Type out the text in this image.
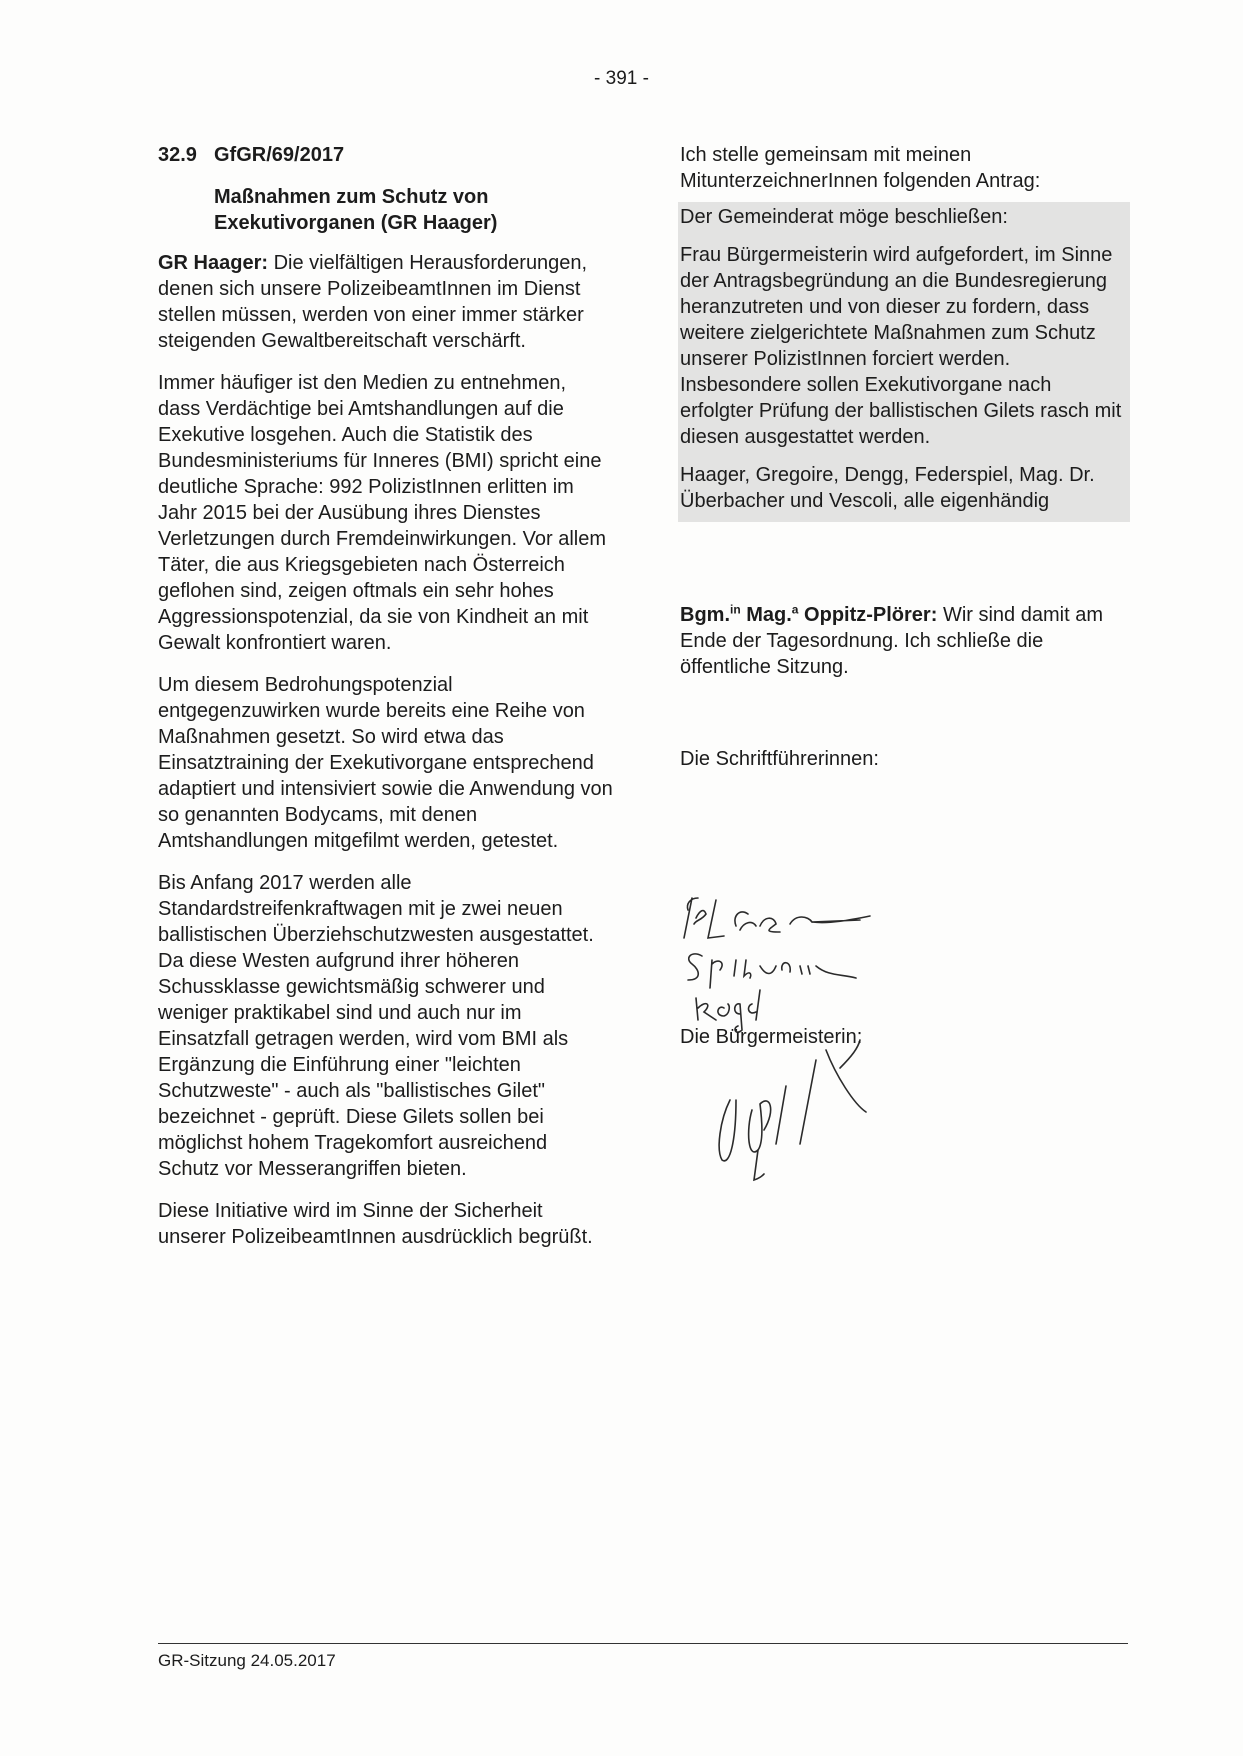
- 391 -
32.9 GfGR/69/2017
Maßnahmen zum Schutz von Exekutivorganen (GR Haager)

GR Haager: Die vielfältigen Herausforderungen, denen sich unsere PolizeibeamtInnen im Dienst stellen müssen, werden von einer immer stärker steigenden Gewaltbereitschaft verschärft.

Immer häufiger ist den Medien zu entnehmen, dass Verdächtige bei Amtshandlungen auf die Exekutive losgehen. Auch die Statistik des Bundesministeriums für Inneres (BMI) spricht eine deutliche Sprache: 992 PolizistInnen erlitten im Jahr 2015 bei der Ausübung ihres Dienstes Verletzungen durch Fremdeinwirkungen. Vor allem Täter, die aus Kriegsgebieten nach Österreich geflohen sind, zeigen oftmals ein sehr hohes Aggressionspotenzial, da sie von Kindheit an mit Gewalt konfrontiert waren.

Um diesem Bedrohungspotenzial entgegenzuwirken wurde bereits eine Reihe von Maßnahmen gesetzt. So wird etwa das Einsatztraining der Exekutivorgane entsprechend adaptiert und intensiviert sowie die Anwendung von so genannten Bodycams, mit denen Amtshandlungen mitgefilmt werden, getestet.

Bis Anfang 2017 werden alle Standardstreifenkraftwagen mit je zwei neuen ballistischen Überziehschutzwesten ausgestattet. Da diese Westen aufgrund ihrer höheren Schussklasse gewichtsmäßig schwerer und weniger praktikabel sind und auch nur im Einsatzfall getragen werden, wird vom BMI als Ergänzung die Einführung einer "leichten Schutzweste" - auch als "ballistisches Gilet" bezeichnet - geprüft. Diese Gilets sollen bei möglichst hohem Tragekomfort ausreichend Schutz vor Messerangriffen bieten.

Diese Initiative wird im Sinne der Sicherheit unserer PolizeibeamtInnen ausdrücklich begrüßt.

Ich stelle gemeinsam mit meinen MitunterzeichnerInnen folgenden Antrag:

Der Gemeinderat möge beschließen:

Frau Bürgermeisterin wird aufgefordert, im Sinne der Antragsbegründung an die Bundesregierung heranzutreten und von dieser zu fordern, dass weitere zielgerichtete Maßnahmen zum Schutz unserer PolizistInnen forciert werden. Insbesondere sollen Exekutivorgane nach erfolgter Prüfung der ballistischen Gilets rasch mit diesen ausgestattet werden.

Haager, Gregoire, Dengg, Federspiel, Mag. Dr. Überbacher und Vescoli, alle eigenhändig

Bgm.$^{in}$ Mag.$^a$ Oppitz-Plörer: Wir sind damit am Ende der Tagesordnung. Ich schließe die öffentliche Sitzung.

Die Schriftführerinnen:

Die Bürgermeisterin:
GR-Sitzung 24.05.2017
